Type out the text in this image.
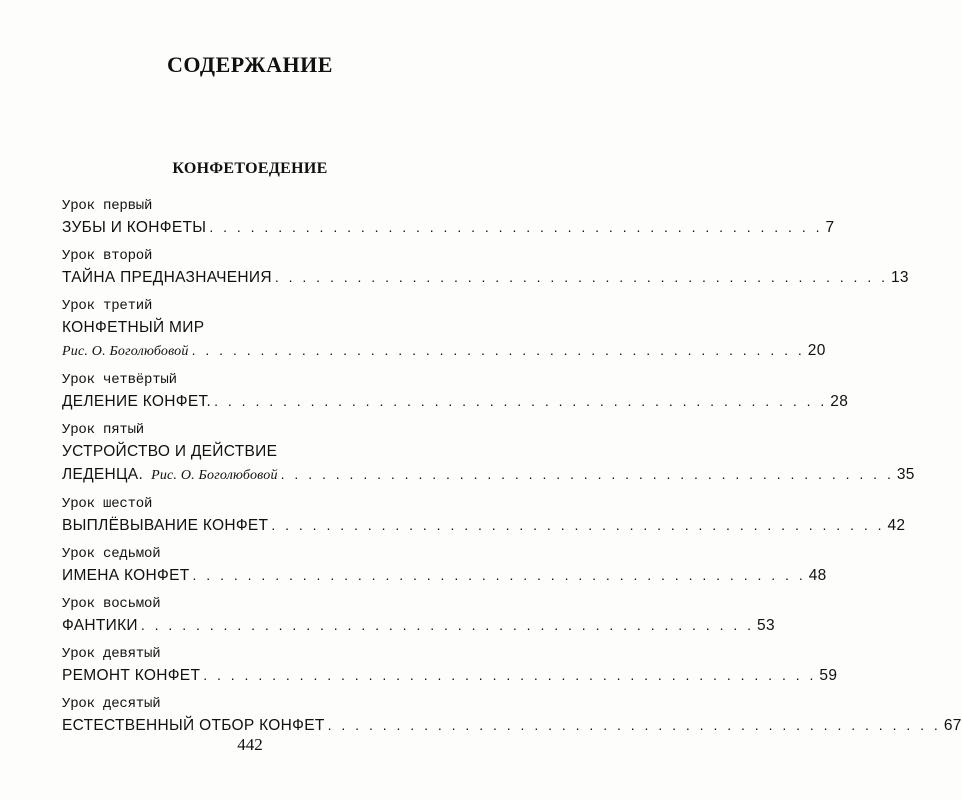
СОДЕРЖАНИЕ
КОНФЕТОЕДЕНИЕ
Урок первый
ЗУБЫ И КОНФЕТЫ . . . . . . . . . . . . . . . . . . . . . . . . . . . . . . . . . . . . . . . . . . . . . 7
Урок второй
ТАЙНА ПРЕДНАЗНАЧЕНИЯ . . . . . . . . . . . . . . . . . . . . . . . . . . . . . . . . . . . . . . . . . . . . . 13
Урок третий
КОНФЕТНЫЙ МИР
Рис. О. Боголюбовой . . . . . . . . . . . . . . . . . . . . . . . . . . . . . . . . . . . . . . . . . . . . . 20
Урок четвёртый
ДЕЛЕНИЕ КОНФЕТ. . . . . . . . . . . . . . . . . . . . . . . . . . . . . . . . . . . . . . . . . . . . . . 28
Урок пятый
УСТРОЙСТВО И ДЕЙСТВИЕ
ЛЕДЕНЦА. Рис. О. Боголюбовой . . . . . . . . . . . . . . . . . . . . . . . . . . . . . . . . . . . . . . . . . . . . . 35
Урок шестой
ВЫПЛЁВЫВАНИЕ КОНФЕТ . . . . . . . . . . . . . . . . . . . . . . . . . . . . . . . . . . . . . . . . . . . . . 42
Урок седьмой
ИМЕНА КОНФЕТ . . . . . . . . . . . . . . . . . . . . . . . . . . . . . . . . . . . . . . . . . . . . . 48
Урок восьмой
ФАНТИКИ . . . . . . . . . . . . . . . . . . . . . . . . . . . . . . . . . . . . . . . . . . . . . 53
Урок девятый
РЕМОНТ КОНФЕТ . . . . . . . . . . . . . . . . . . . . . . . . . . . . . . . . . . . . . . . . . . . . . 59
Урок десятый
ЕСТЕСТВЕННЫЙ ОТБОР КОНФЕТ . . . . . . . . . . . . . . . . . . . . . . . . . . . . . . . . . . . . . . . . . . . . . 67
442
